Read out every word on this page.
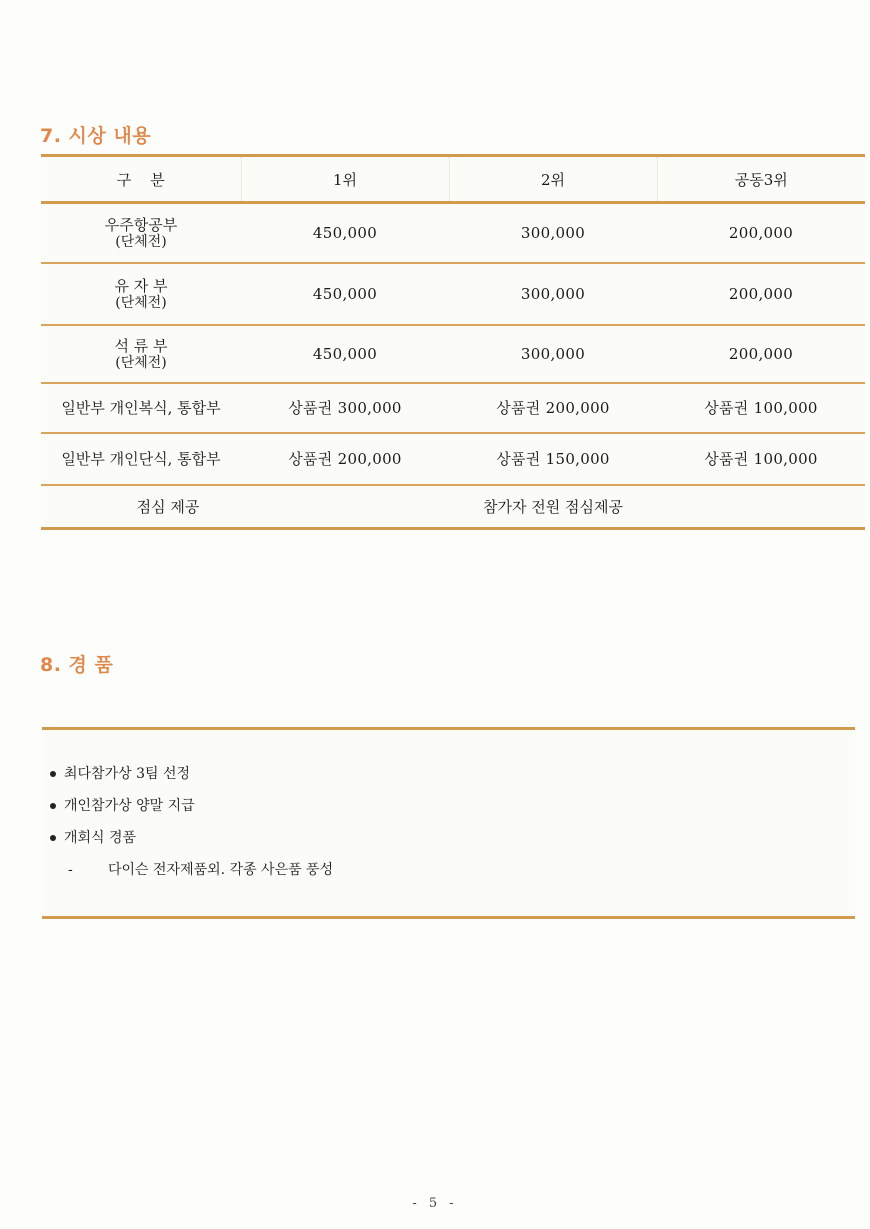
7. 시상 내용
구    분	1위	2위	공동3위

우주항공부
(단체전)	450,000	300,000	200,000

유 자 부
(단체전)	450,000	300,000	200,000

석 류 부
(단체전)	450,000	300,000	200,000
일반부 개인복식, 통합부	상품권 300,000	상품권 200,000	상품권 100,000
일반부 개인단식, 통합부	상품권 200,000	상품권 150,000	상품권 100,000
점심 제공	참가자 전원 점심제공		
8. 경 품
최다참가상 3팀 선정
개인참가상 양말 지급
개회식 경품
-	다이슨 전자제품외. 각종 사은품 풍성
- 5 -
